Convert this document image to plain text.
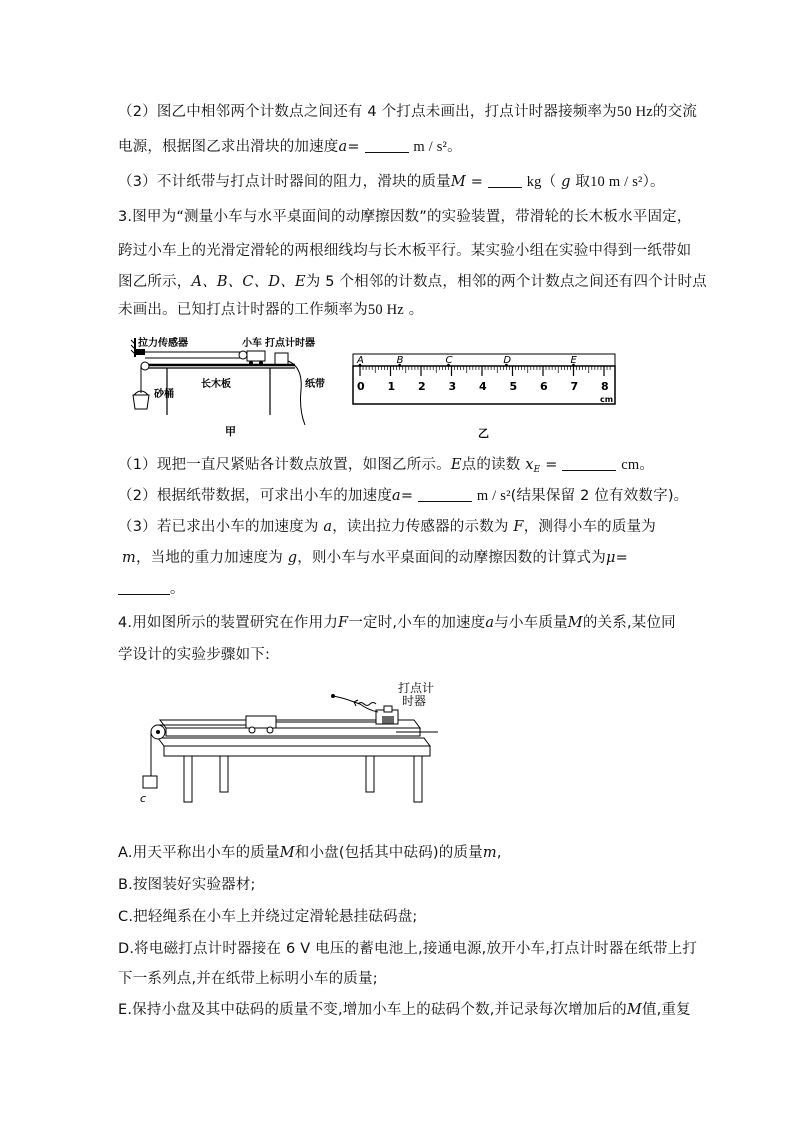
（2）图乙中相邻两个计数点之间还有 4 个打点未画出，打点计时器接频率为50 Hz的交流
电源，根据图乙求出滑块的加速度a=	m / s²。
（3）不计纸带与打点计时器间的阻力，滑块的质量M =	kg（ g 取10 m / s²）。
3.图甲为“测量小车与水平桌面间的动摩擦因数”的实验装置，带滑轮的长木板水平固定，
跨过小车上的光滑定滑轮的两根细线均与长木板平行。某实验小组在实验中得到一纸带如
图乙所示，A、B、C、D、E为 5 个相邻的计数点，相邻的两个计数点之间还有四个计时点
未画出。已知打点计时器的工作频率为50 Hz 。
拉力传感器	小车 打点计时器
砂桶
长木板	纸带
甲
0 1 2 3 4 5 6 7 8
A	B	C	D	E
cm
乙
（1）现把一直尺紧贴各计数点放置，如图乙所示。E点的读数 $x_E$ =	cm。
（2）根据纸带数据，可求出小车的加速度a=	m / s²(结果保留 2 位有效数字)。
（3）若已求出小车的加速度为 a，读出拉力传感器的示数为 F，测得小车的质量为
m，当地的重力加速度为 g，则小车与水平桌面间的动摩擦因数的计算式为μ=
。
4.用如图所示的装置研究在作用力F一定时,小车的加速度a与小车质量M的关系,某位同
学设计的实验步骤如下:
c
打点计时器
A.用天平称出小车的质量M和小盘(包括其中砝码)的质量m,
B.按图装好实验器材;
C.把轻绳系在小车上并绕过定滑轮悬挂砝码盘;
D.将电磁打点计时器接在 6 V 电压的蓄电池上,接通电源,放开小车,打点计时器在纸带上打
下一系列点,并在纸带上标明小车的质量;
E.保持小盘及其中砝码的质量不变,增加小车上的砝码个数,并记录每次增加后的M值,重复
